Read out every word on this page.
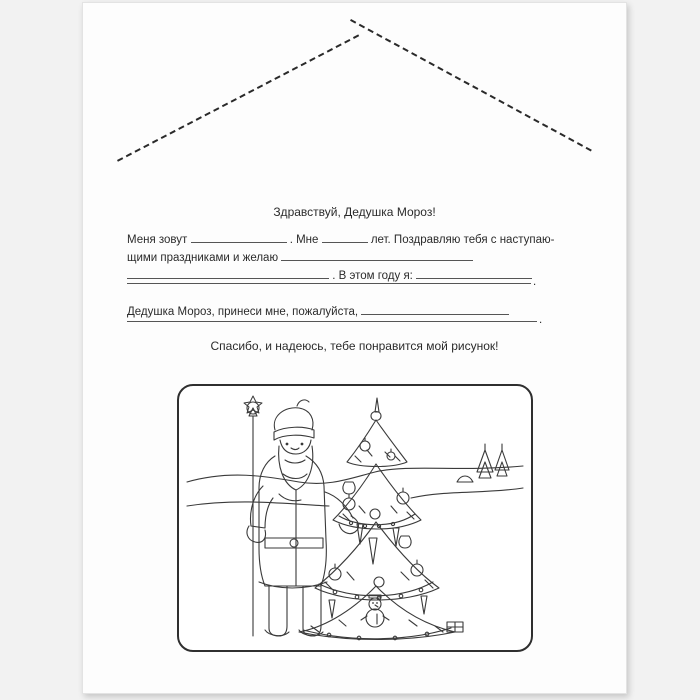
Здравствуй, Дедушка Мороз!
Меня зовут	. Мне	лет. Поздравляю тебя с наступаю-
щими праздниками и желаю
. В этом году я:	.
Дедушка Мороз, принеси мне, пожалуйста,
.
Спасибо, и надеюсь, тебе понравится мой рисунок!
